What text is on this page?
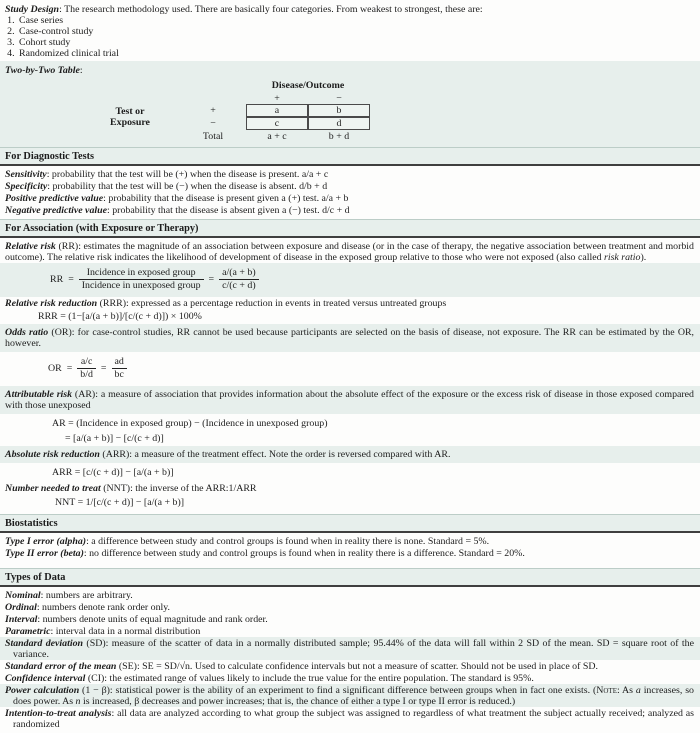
Study Design: The research methodology used. There are basically four categories. From weakest to strongest, these are:

1. Case series
2. Case-control study
3. Cohort study
4. Randomized clinical trial

Two-by-Two Table:

Disease/Outcome
+	−
Test or
Exposure
+	a	b
−	c	d
Total	a + c	b + d
For Diagnostic Tests

Sensitivity: probability that the test will be (+) when the disease is present. a/a + c

Specificity: probability that the test will be (−) when the disease is absent. d/b + d

Positive predictive value: probability that the disease is present given a (+) test. a/a + b

Negative predictive value: probability that the disease is absent given a (−) test. d/c + d

For Association (with Exposure or Therapy)

Relative risk (RR): estimates the magnitude of an association between exposure and disease (or in the case of therapy, the negative association between treatment and morbid outcome). The relative risk indicates the likelihood of development of disease in the exposed group relative to those who were not exposed (also called risk ratio).

RR = $\frac{\text{Incidence in exposed group}}{\text{Incidence in unexposed group}} = \frac{a/(a + b)}{c/(c + d)}$

Relative risk reduction (RRR): expressed as a percentage reduction in events in treated versus untreated groups

RRR = (1−[a/(a + b)]/[c/(c + d)]) × 100%

Odds ratio (OR): for case-control studies, RR cannot be used because participants are selected on the basis of disease, not exposure. The RR can be estimated by the OR, however.

OR = $\frac{a/c}{b/d} = \frac{ad}{bc}$

Attributable risk (AR): a measure of association that provides information about the absolute effect of the exposure or the excess risk of disease in those exposed compared with those unexposed

AR = (Incidence in exposed group) − (Incidence in unexposed group)

= [a/(a + b)] − [c/(c + d)]

Absolute risk reduction (ARR): a measure of the treatment effect. Note the order is reversed compared with AR.

ARR = [c/(c + d)] − [a/(a + b)]

Number needed to treat (NNT): the inverse of the ARR:1/ARR

NNT = 1/[c/(c + d)] − [a/(a + b)]

Biostatistics

Type I error (alpha): a difference between study and control groups is found when in reality there is none. Standard = 5%.

Type II error (beta): no difference between study and control groups is found when in reality there is a difference. Standard = 20%.

Types of Data

Nominal: numbers are arbitrary.

Ordinal: numbers denote rank order only.

Interval: numbers denote units of equal magnitude and rank order.

Parametric: interval data in a normal distribution

Standard deviation (SD): measure of the scatter of data in a normally distributed sample; 95.44% of the data will fall within 2 SD of the mean. SD = square root of the variance.

Standard error of the mean (SE): SE = SD/√n. Used to calculate confidence intervals but not a measure of scatter. Should not be used in place of SD.

Confidence interval (CI): the estimated range of values likely to include the true value for the entire population. The standard is 95%.

Power calculation (1 − β): statistical power is the ability of an experiment to find a significant difference between groups when in fact one exists. (Note: As a increases, so does power. As n is increased, β decreases and power increases; that is, the chance of either a type I or type II error is reduced.)

Intention-to-treat analysis: all data are analyzed according to what group the subject was assigned to regardless of what treatment the subject actually received; analyzed as randomized
